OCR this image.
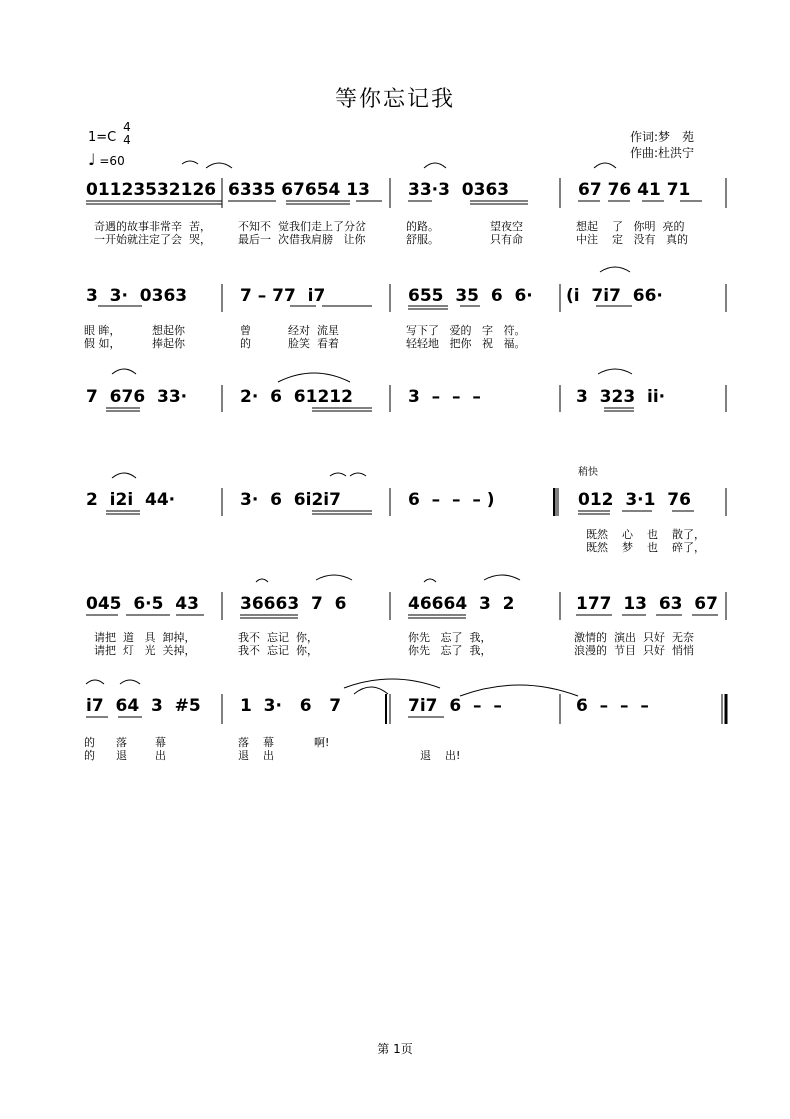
等你忘记我
1=C
4
4
♩ =60
作词:梦　苑
作曲:杜洪宁
01123532126 6335 67654 13 33·3  0363	67 76 41 71
奇遇的故事非常辛  苦， 不知不  觉我们走上了分岔	的路。	望夜空	想起    了   你明  亮的
一开始就注定了会  哭， 最后一  次借我肩膀   让你	舒服。	只有命	中注    定   没有   真的
3  3·  0363	7 – 77  i7	655  35  6  6· (i  7i7  66·
眼 眸，	想起你	曾	经对  流星	写下了   爱的   字   符。
假 如，	捧起你	的	脸笑  看着	轻轻地   把你   祝   福。
7  676  33·	2·  6  61212	3  –  –  –	3  323  ii·
2  i2i  44·	3·  6  6i2i7	6  –  –  – )	012  3·1  76
稍快
既然    心    也    散了，
既然    梦    也    碎了，
045  6·5  43 36663  7  6	46664  3  2	177  13  63  67
请把  道   具  卸掉，	我不  忘记  你，	你先   忘了  我，	激情的  演出  只好  无奈
请把  灯   光  关掉，	我不  忘记  你，	你先   忘了  我，	浪漫的  节目  只好  悄悄
i7  64  3  #5 1  3·   6   7	7i7  6  –  –	6  –  –  –
的      落        幕	落    幕	啊!
的      退        出	退    出	退    出!
第 1页
